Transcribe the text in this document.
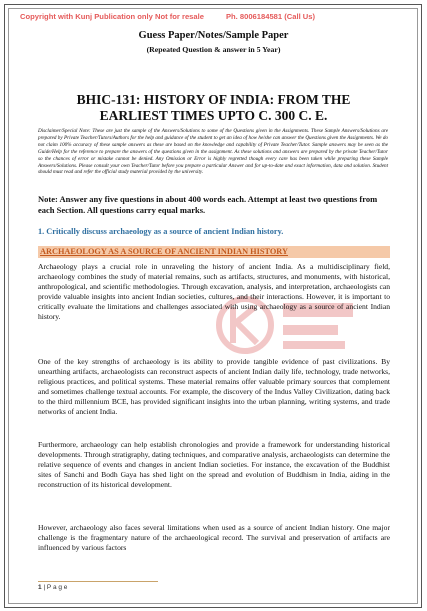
Copyright with Kunj Publication only Not for resale	Ph. 8006184581 (Call Us)
Guess Paper/Notes/Sample Paper
(Repeated Question & answer in 5 Year)
BHIC-131: HISTORY OF INDIA: FROM THE
EARLIEST TIMES UPTO C. 300 C. E.
Disclaimer/Special Note: These are just the sample of the Answers/Solutions to some of the Questions given in the Assignments. These Sample Answers/Solutions are prepared by Private Teacher/Tutors/Authors for the help and guidance of the student to get an idea of how he/she can answer the Questions given the Assignments. We do not claim 100% accuracy of these sample answers as these are based on the knowledge and capability of Private Teacher/Tutor. Sample answers may be seen as the Guide/Help for the reference to prepare the answers of the questions given in the assignment. As these solutions and answers are prepared by the private Teacher/Tutor so the chances of error or mistake cannot be denied. Any Omission or Error is highly regretted though every care has been taken while preparing these Sample Answers/Solutions. Please consult your own Teacher/Tutor before you prepare a particular Answer and for up-to-date and exact information, data and solution. Student should must read and refer the official study material provided by the university.
Note: Answer any five questions in about 400 words each. Attempt at least two questions from each Section. All questions carry equal marks.
1. Critically discuss archaeology as a source of ancient Indian history.
ARCHAEOLOGY AS A SOURCE OF ANCIENT INDIAN HISTORY
Archaeology plays a crucial role in unraveling the history of ancient India. As a multidisciplinary field, archaeology combines the study of material remains, such as artifacts, structures, and monuments, with historical, anthropological, and scientific methodologies. Through excavation, analysis, and interpretation, archaeologists can provide valuable insights into ancient Indian societies, cultures, and their interactions. However, it is important to critically evaluate the limitations and challenges associated with using archaeology as a source of ancient Indian history.
One of the key strengths of archaeology is its ability to provide tangible evidence of past civilizations. By unearthing artifacts, archaeologists can reconstruct aspects of ancient Indian daily life, technology, trade networks, religious practices, and political systems. These material remains offer valuable primary sources that complement and sometimes challenge textual accounts. For example, the discovery of the Indus Valley Civilization, dating back to the third millennium BCE, has provided significant insights into the urban planning, writing systems, and trade networks of ancient India.
Furthermore, archaeology can help establish chronologies and provide a framework for understanding historical developments. Through stratigraphy, dating techniques, and comparative analysis, archaeologists can determine the relative sequence of events and changes in ancient Indian societies. For instance, the excavation of the Buddhist sites of Sanchi and Bodh Gaya has shed light on the spread and evolution of Buddhism in India, aiding in the reconstruction of its historical development.
However, archaeology also faces several limitations when used as a source of ancient Indian history. One major challenge is the fragmentary nature of the archaeological record. The survival and preservation of artifacts are influenced by various factors
1 | P a g e
